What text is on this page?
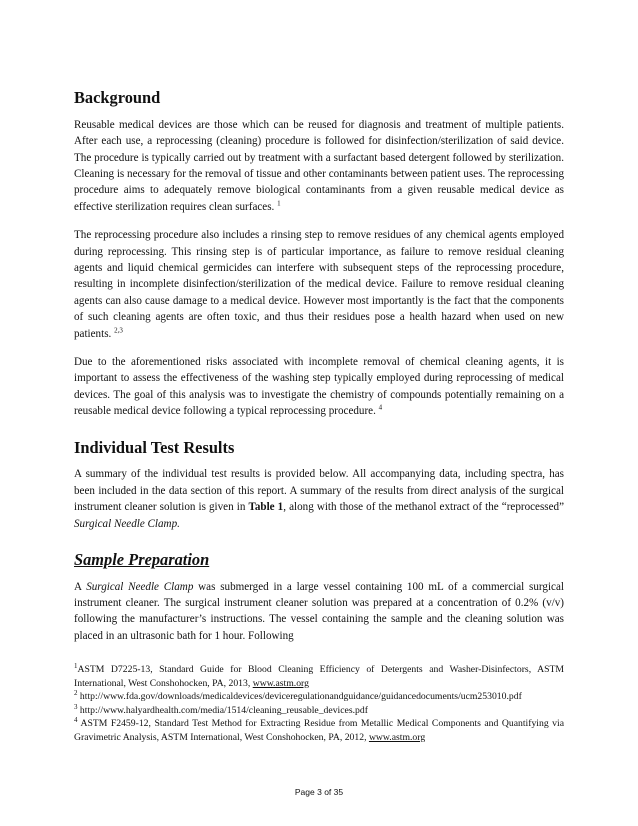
Background

Reusable medical devices are those which can be reused for diagnosis and treatment of multiple patients. After each use, a reprocessing (cleaning) procedure is followed for disinfection/sterilization of said device. The procedure is typically carried out by treatment with a surfactant based detergent followed by sterilization. Cleaning is necessary for the removal of tissue and other contaminants between patient uses. The reprocessing procedure aims to adequately remove biological contaminants from a given reusable medical device as effective sterilization requires clean surfaces. $^1$

The reprocessing procedure also includes a rinsing step to remove residues of any chemical agents employed during reprocessing. This rinsing step is of particular importance, as failure to remove residual cleaning agents and liquid chemical germicides can interfere with subsequent steps of the reprocessing procedure, resulting in incomplete disinfection/sterilization of the medical device. Failure to remove residual cleaning agents can also cause damage to a medical device. However most importantly is the fact that the components of such cleaning agents are often toxic, and thus their residues pose a health hazard when used on new patients. $^{2,3}$

Due to the aforementioned risks associated with incomplete removal of chemical cleaning agents, it is important to assess the effectiveness of the washing step typically employed during reprocessing of medical devices. The goal of this analysis was to investigate the chemistry of compounds potentially remaining on a reusable medical device following a typical reprocessing procedure. $^4$

Individual Test Results

A summary of the individual test results is provided below. All accompanying data, including spectra, has been included in the data section of this report. A summary of the results from direct analysis of the surgical instrument cleaner solution is given in Table 1, along with those of the methanol extract of the “reprocessed” Surgical Needle Clamp.

Sample Preparation

A Surgical Needle Clamp was submerged in a large vessel containing 100 mL of a commercial surgical instrument cleaner. The surgical instrument cleaner solution was prepared at a concentration of 0.2% (v/v) following the manufacturer’s instructions. The vessel containing the sample and the cleaning solution was placed in an ultrasonic bath for 1 hour. Following

$^1$ASTM D7225-13, Standard Guide for Blood Cleaning Efficiency of Detergents and Washer-Disinfectors, ASTM International, West Conshohocken, PA, 2013, www.astm.org

$^2$ http://www.fda.gov/downloads/medicaldevices/deviceregulationandguidance/guidancedocuments/ucm253010.pdf

$^3$ http://www.halyardhealth.com/media/1514/cleaning_reusable_devices.pdf

$^4$ ASTM F2459-12, Standard Test Method for Extracting Residue from Metallic Medical Components and Quantifying via Gravimetric Analysis, ASTM International, West Conshohocken, PA, 2012, www.astm.org

Page 3 of 35
